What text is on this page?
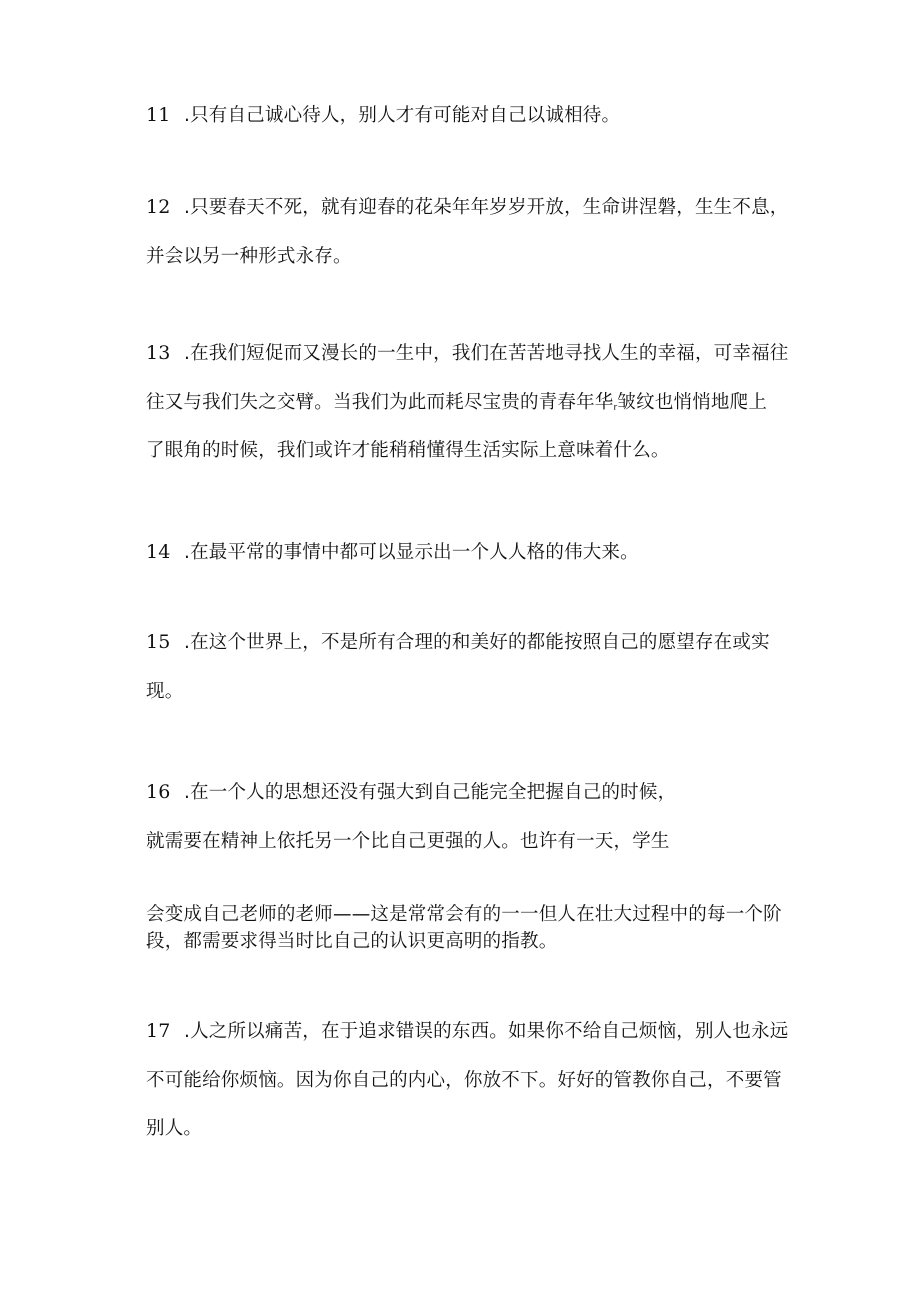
11 .只有自己诚心待人，别人才有可能对自己以诚相待。
12 .只要春天不死，就有迎春的花朵年年岁岁开放，生命讲涅磐，生生不息，
并会以另一种形式永存。
13 .在我们短促而又漫长的一生中，我们在苦苦地寻找人生的幸福，可幸福往
往又与我们失之交臂。当我们为此而耗尽宝贵的青春年华$_r$皱纹也悄悄地爬上
了眼角的时候，我们或许才能稍稍懂得生活实际上意味着什么。
14 .在最平常的事情中都可以显示出一个人人格的伟大来。
15 .在这个世界上，不是所有合理的和美好的都能按照自己的愿望存在或实
现。
16 .在一个人的思想还没有强大到自己能完全把握自己的时候，
就需要在精神上依托另一个比自己更强的人。也许有一天，学生
会变成自己老师的老师——这是常常会有的一一但人在壮大过程中的每一个阶
段，都需要求得当时比自己的认识更高明的指教。
17 .人之所以痛苦，在于追求错误的东西。如果你不给自己烦恼，别人也永远
不可能给你烦恼。因为你自己的内心，你放不下。好好的管教你自己，不要管
别人。
